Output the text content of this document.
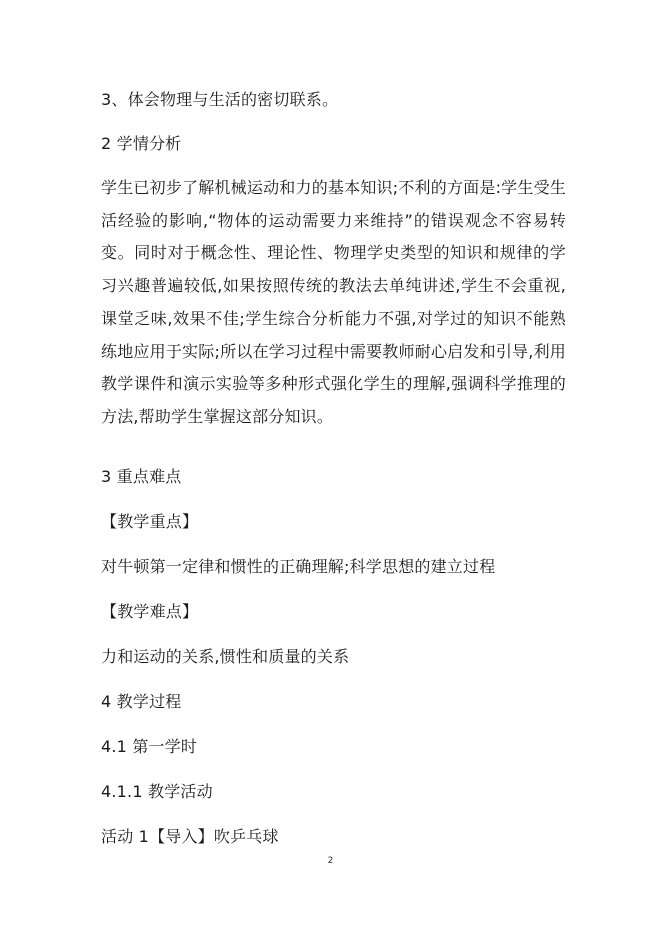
3、体会物理与生活的密切联系。
2 学情分析
学生已初步了解机械运动和力的基本知识;不利的方面是:学生受生活经验的影响,“物体的运动需要力来维持”的错误观念不容易转变。同时对于概念性、理论性、物理学史类型的知识和规律的学习兴趣普遍较低,如果按照传统的教法去单纯讲述,学生不会重视,课堂乏味,效果不佳;学生综合分析能力不强,对学过的知识不能熟练地应用于实际;所以在学习过程中需要教师耐心启发和引导,利用教学课件和演示实验等多种形式强化学生的理解,强调科学推理的方法,帮助学生掌握这部分知识。
3 重点难点
【教学重点】
对牛顿第一定律和惯性的正确理解;科学思想的建立过程
【教学难点】
力和运动的关系,惯性和质量的关系
4 教学过程
4.1 第一学时
4.1.1 教学活动
活动 1【导入】吹乒乓球
2
